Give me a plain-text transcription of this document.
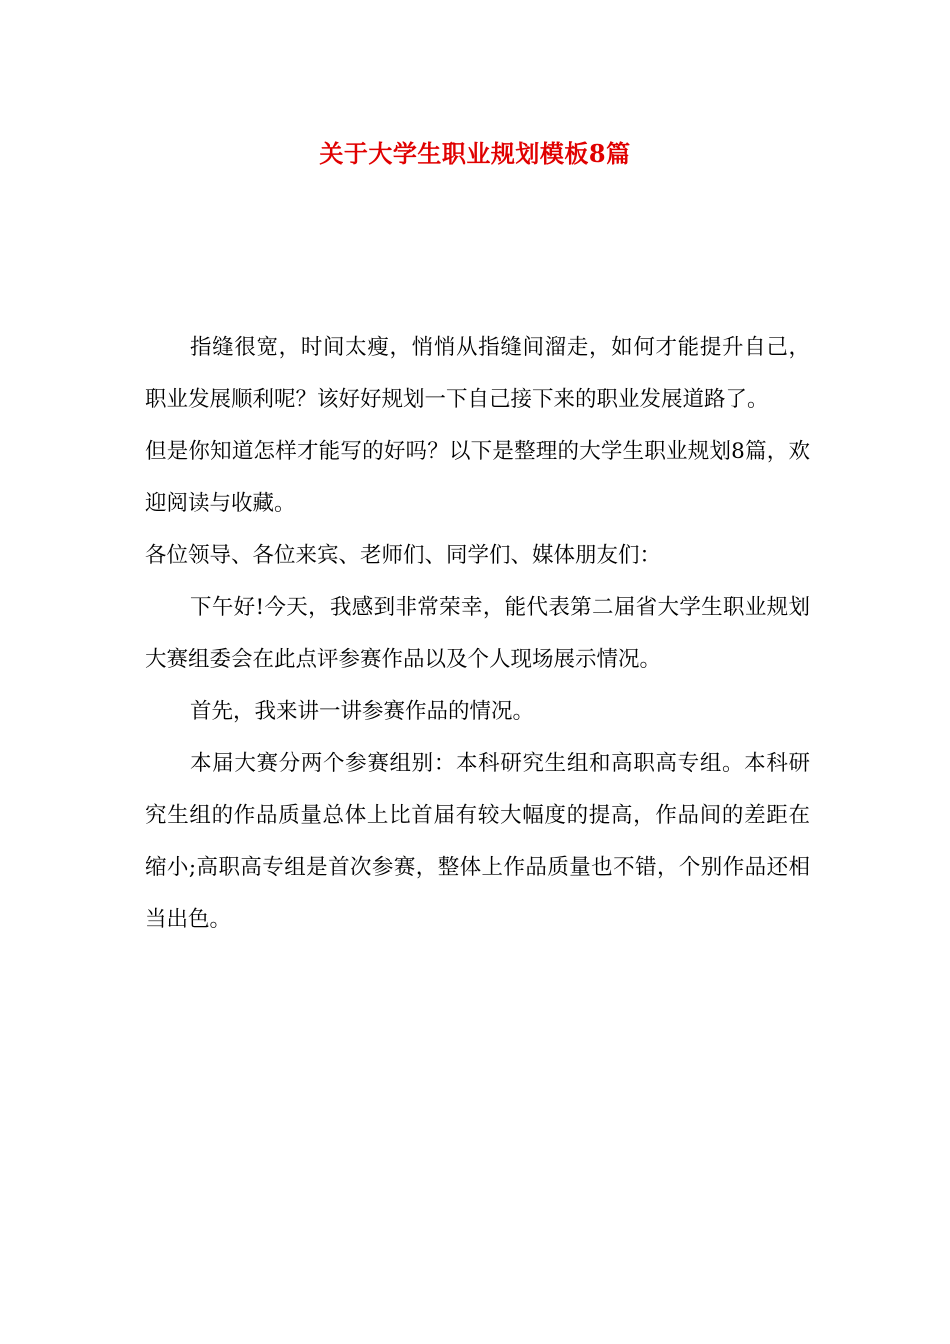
关于大学生职业规划模板8篇

指缝很宽，时间太瘦，悄悄从指缝间溜走，如何才能提升自己，职业发展顺利呢？该好好规划一下自己接下来的职业发展道路了。

但是你知道怎样才能写的好吗？以下是整理的大学生职业规划8篇，欢迎阅读与收藏。

各位领导、各位来宾、老师们、同学们、媒体朋友们：

下午好!今天，我感到非常荣幸，能代表第二届省大学生职业规划大赛组委会在此点评参赛作品以及个人现场展示情况。

首先，我来讲一讲参赛作品的情况。

本届大赛分两个参赛组别：本科研究生组和高职高专组。本科研究生组的作品质量总体上比首届有较大幅度的提高，作品间的差距在缩小;高职高专组是首次参赛，整体上作品质量也不错，个别作品还相当出色。
